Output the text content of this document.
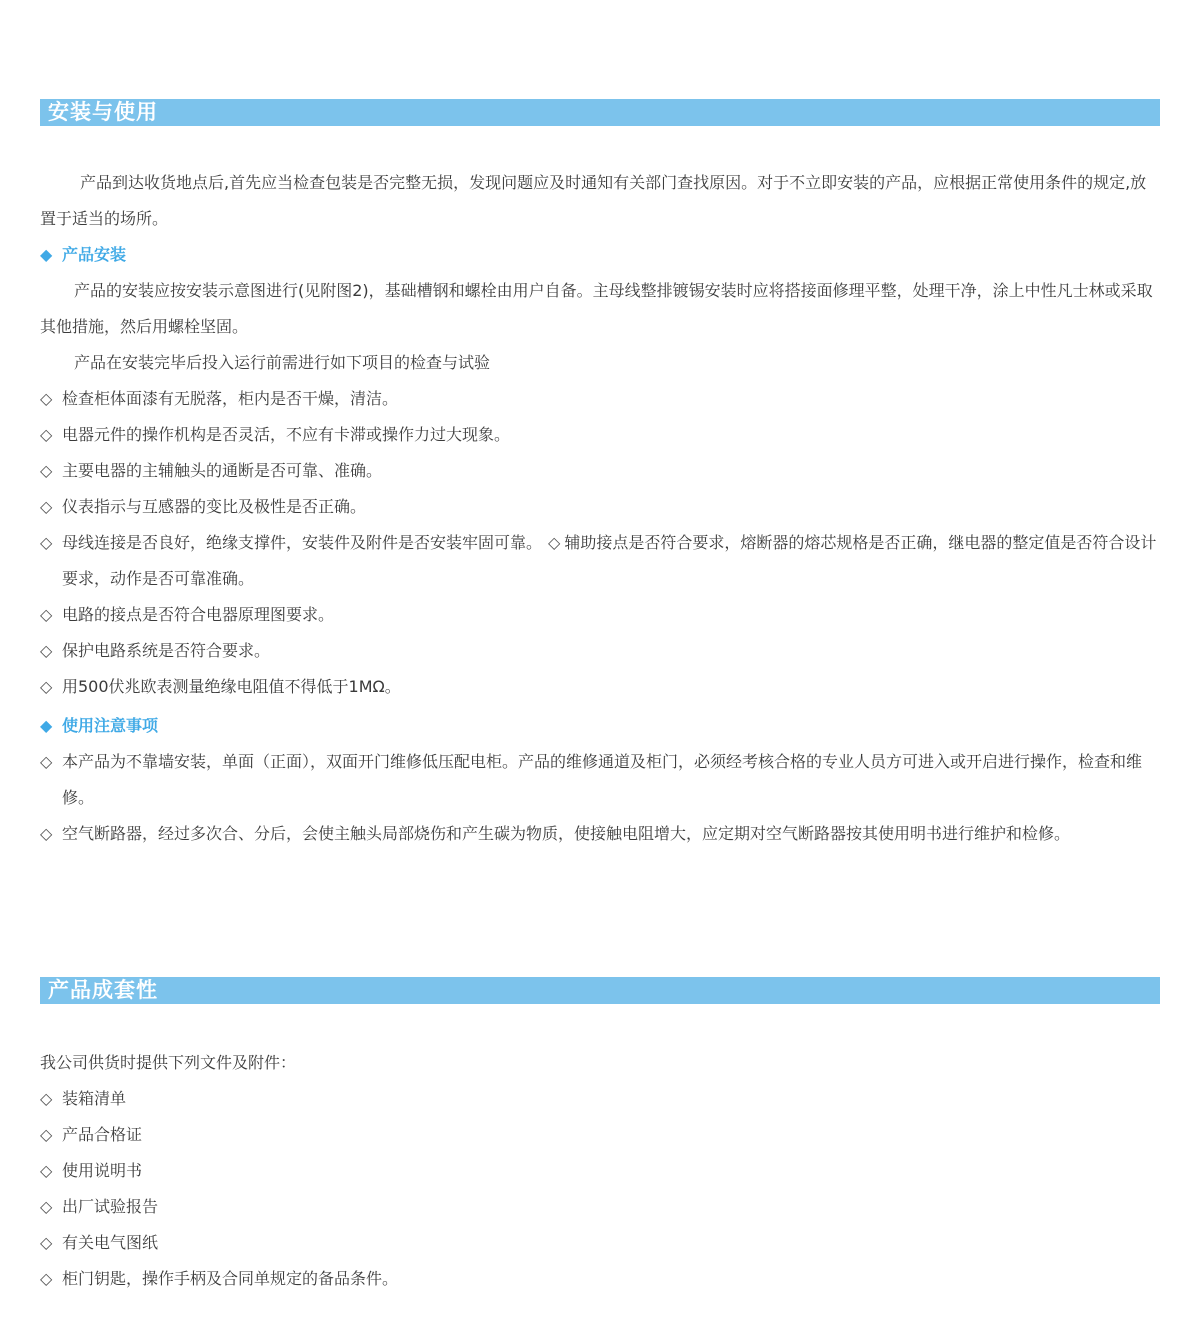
安装与使用

产品到达收货地点后,首先应当检查包装是否完整无损，发现问题应及时通知有关部门查找原因。对于不立即安装的产品，应根据正常使用条件的规定,放置于适当的场所。

◆ 产品安装

产品的安装应按安装示意图进行(见附图2)，基础槽钢和螺栓由用户自备。主母线整排镀锡安装时应将搭接面修理平整，处理干净，涂上中性凡士林或采取其他措施，然后用螺栓坚固。

产品在安装完毕后投入运行前需进行如下项目的检查与试验

◇ 检查柜体面漆有无脱落，柜内是否干燥，清洁。

◇ 电器元件的操作机构是否灵活，不应有卡滞或操作力过大现象。

◇ 主要电器的主辅触头的通断是否可靠、准确。

◇ 仪表指示与互感器的变比及极性是否正确。

◇ 母线连接是否良好，绝缘支撑件，安装件及附件是否安装牢固可靠。 ◇ 辅助接点是否符合要求，熔断器的熔芯规格是否正确，继电器的整定值是否符合设计要求，动作是否可靠准确。

◇ 电路的接点是否符合电器原理图要求。

◇ 保护电路系统是否符合要求。

◇ 用500伏兆欧表测量绝缘电阻值不得低于1MΩ。

◆ 使用注意事项

◇ 本产品为不靠墙安装，单面（正面），双面开门维修低压配电柜。产品的维修通道及柜门，必须经考核合格的专业人员方可进入或开启进行操作，检查和维修。

◇ 空气断路器，经过多次合、分后，会使主触头局部烧伤和产生碳为物质，使接触电阻增大，应定期对空气断路器按其使用明书进行维护和检修。

产品成套性

我公司供货时提供下列文件及附件：

◇ 装箱清单

◇ 产品合格证

◇ 使用说明书

◇ 出厂试验报告

◇ 有关电气图纸

◇ 柜门钥匙，操作手柄及合同单规定的备品条件。
